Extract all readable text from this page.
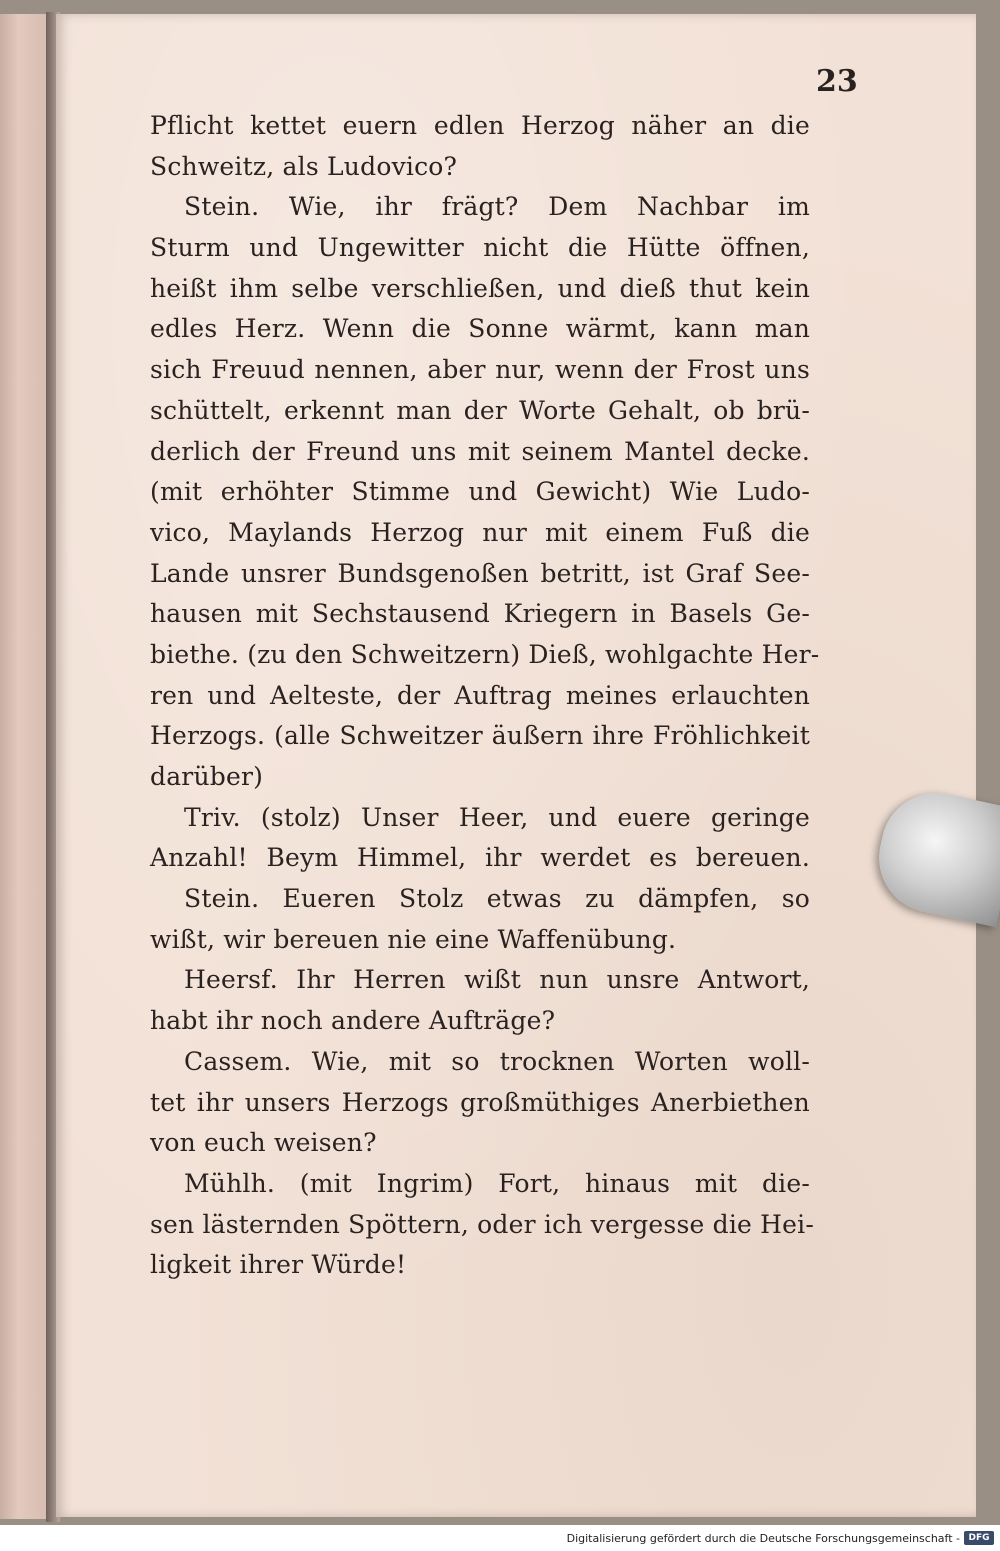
23
Pflicht kettet euern edlen Herzog näher an die
Schweitz, als Ludovico?
Stein. Wie, ihr frägt? Dem Nachbar im
Sturm und Ungewitter nicht die Hütte öffnen,
heißt ihm selbe verschließen, und dieß thut kein
edles Herz. Wenn die Sonne wärmt, kann man
sich Freuud nennen, aber nur, wenn der Frost uns
schüttelt, erkennt man der Worte Gehalt, ob brü-
derlich der Freund uns mit seinem Mantel decke.
(mit erhöhter Stimme und Gewicht) Wie Ludo-
vico, Maylands Herzog nur mit einem Fuß die
Lande unsrer Bundsgenoßen betritt, ist Graf See-
hausen mit Sechstausend Kriegern in Basels Ge-
biethe. (zu den Schweitzern) Dieß, wohlgachte Her-
ren und Aelteste, der Auftrag meines erlauchten
Herzogs. (alle Schweitzer äußern ihre Fröhlichkeit
darüber)
Triv. (stolz) Unser Heer, und euere geringe
Anzahl! Beym Himmel, ihr werdet es bereuen.
Stein. Eueren Stolz etwas zu dämpfen, so
wißt, wir bereuen nie eine Waffenübung.
Heersf. Ihr Herren wißt nun unsre Antwort,
habt ihr noch andere Aufträge?
Cassem. Wie, mit so trocknen Worten woll-
tet ihr unsers Herzogs großmüthiges Anerbiethen
von euch weisen?
Mühlh. (mit Ingrim) Fort, hinaus mit die-
sen lästernden Spöttern, oder ich vergesse die Hei-
ligkeit ihrer Würde!
Digitalisierung gefördert durch die Deutsche Forschungsgemeinschaft - DFG
